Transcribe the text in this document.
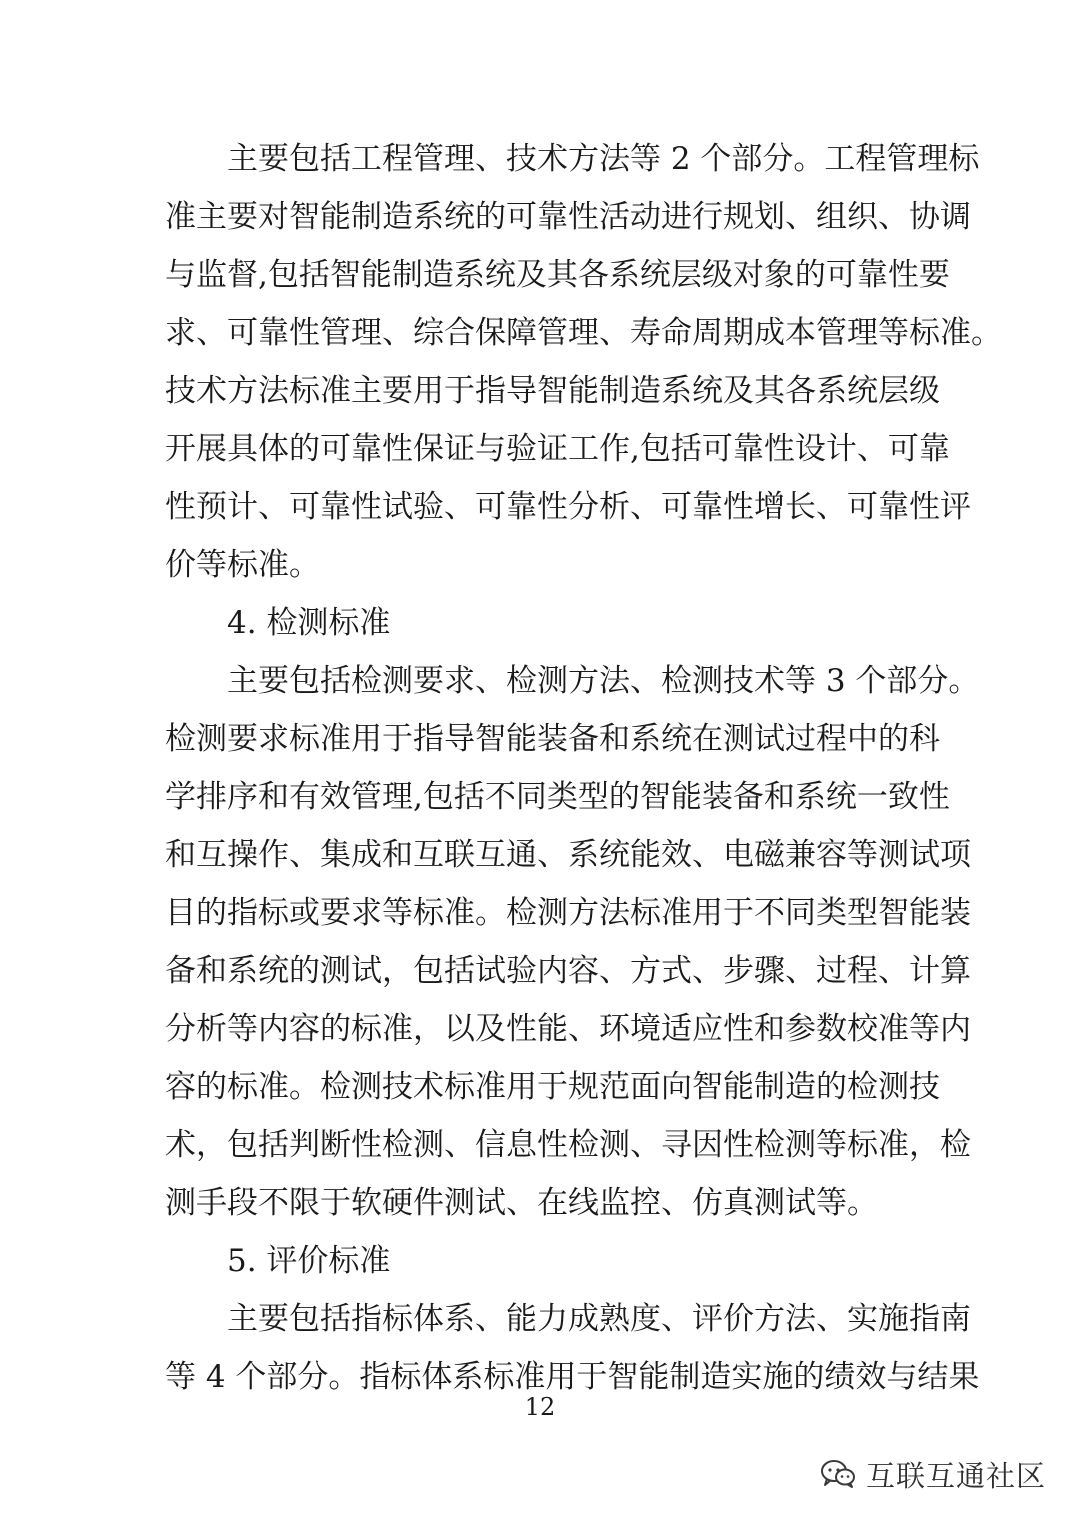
主要包括工程管理、技术方法等 2 个部分。工程管理标
准主要对智能制造系统的可靠性活动进行规划、组织、协调
与监督,包括智能制造系统及其各系统层级对象的可靠性要
求、可靠性管理、综合保障管理、寿命周期成本管理等标准。
技术方法标准主要用于指导智能制造系统及其各系统层级
开展具体的可靠性保证与验证工作,包括可靠性设计、可靠
性预计、可靠性试验、可靠性分析、可靠性增长、可靠性评
价等标准。
4. 检测标准
主要包括检测要求、检测方法、检测技术等 3 个部分。
检测要求标准用于指导智能装备和系统在测试过程中的科
学排序和有效管理,包括不同类型的智能装备和系统一致性
和互操作、集成和互联互通、系统能效、电磁兼容等测试项
目的指标或要求等标准。检测方法标准用于不同类型智能装
备和系统的测试，包括试验内容、方式、步骤、过程、计算
分析等内容的标准，以及性能、环境适应性和参数校准等内
容的标准。检测技术标准用于规范面向智能制造的检测技
术，包括判断性检测、信息性检测、寻因性检测等标准，检
测手段不限于软硬件测试、在线监控、仿真测试等。
5. 评价标准
主要包括指标体系、能力成熟度、评价方法、实施指南
等 4 个部分。指标体系标准用于智能制造实施的绩效与结果
12
互联互通社区
